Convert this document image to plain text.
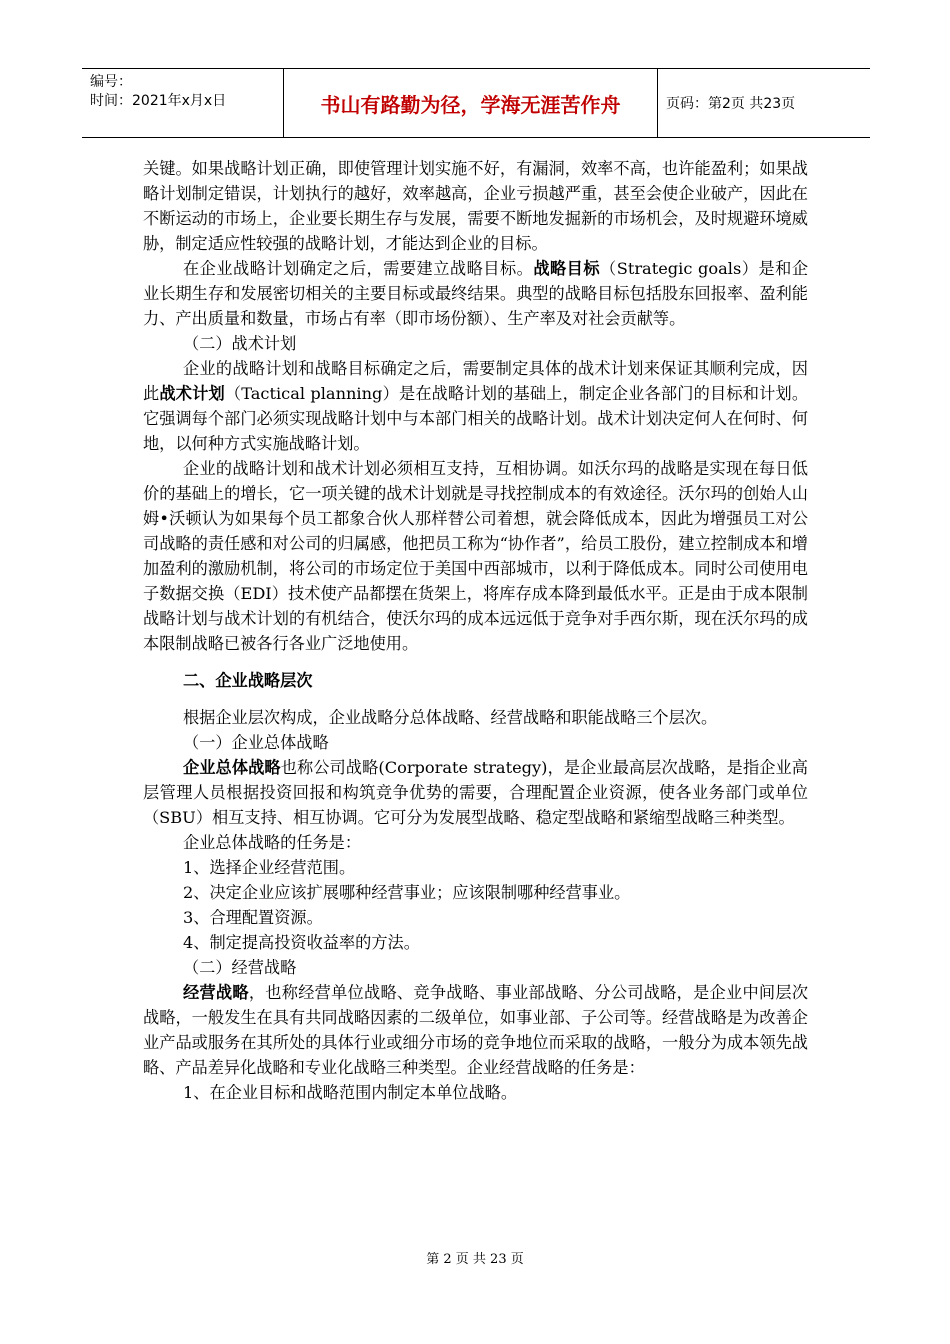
编号：
时间：2021年x月x日	书山有路勤为径，学海无涯苦作舟	页码：第2页 共23页

关键。如果战略计划正确，即使管理计划实施不好，有漏洞，效率不高，也许能盈利；如果战略计划制定错误，计划执行的越好，效率越高，企业亏损越严重，甚至会使企业破产，因此在不断运动的市场上，企业要长期生存与发展，需要不断地发掘新的市场机会，及时规避环境威胁，制定适应性较强的战略计划，才能达到企业的目标。

在企业战略计划确定之后，需要建立战略目标。战略目标（Strategic goals）是和企业长期生存和发展密切相关的主要目标或最终结果。典型的战略目标包括股东回报率、盈利能力、产出质量和数量，市场占有率（即市场份额）、生产率及对社会贡献等。

（二）战术计划

企业的战略计划和战略目标确定之后，需要制定具体的战术计划来保证其顺利完成，因此战术计划（Tactical planning）是在战略计划的基础上，制定企业各部门的目标和计划。它强调每个部门必须实现战略计划中与本部门相关的战略计划。战术计划决定何人在何时、何地，以何种方式实施战略计划。

企业的战略计划和战术计划必须相互支持，互相协调。如沃尔玛的战略是实现在每日低价的基础上的增长，它一项关键的战术计划就是寻找控制成本的有效途径。沃尔玛的创始人山姆•沃顿认为如果每个员工都象合伙人那样替公司着想，就会降低成本，因此为增强员工对公司战略的责任感和对公司的归属感，他把员工称为“协作者”，给员工股份，建立控制成本和增加盈利的激励机制，将公司的市场定位于美国中西部城市，以利于降低成本。同时公司使用电子数据交换（EDI）技术使产品都摆在货架上，将库存成本降到最低水平。正是由于成本限制战略计划与战术计划的有机结合，使沃尔玛的成本远远低于竞争对手西尔斯，现在沃尔玛的成本限制战略已被各行各业广泛地使用。

二、企业战略层次

根据企业层次构成，企业战略分总体战略、经营战略和职能战略三个层次。

（一）企业总体战略

企业总体战略也称公司战略(Corporate strategy)，是企业最高层次战略，是指企业高层管理人员根据投资回报和构筑竞争优势的需要，合理配置企业资源，使各业务部门或单位（SBU）相互支持、相互协调。它可分为发展型战略、稳定型战略和紧缩型战略三种类型。

企业总体战略的任务是：

1、选择企业经营范围。

2、决定企业应该扩展哪种经营事业；应该限制哪种经营事业。

3、合理配置资源。

4、制定提高投资收益率的方法。

（二）经营战略

经营战略，也称经营单位战略、竞争战略、事业部战略、分公司战略，是企业中间层次战略，一般发生在具有共同战略因素的二级单位，如事业部、子公司等。经营战略是为改善企业产品或服务在其所处的具体行业或细分市场的竞争地位而采取的战略，一般分为成本领先战略、产品差异化战略和专业化战略三种类型。企业经营战略的任务是：

1、在企业目标和战略范围内制定本单位战略。

第 2 页 共 23 页
